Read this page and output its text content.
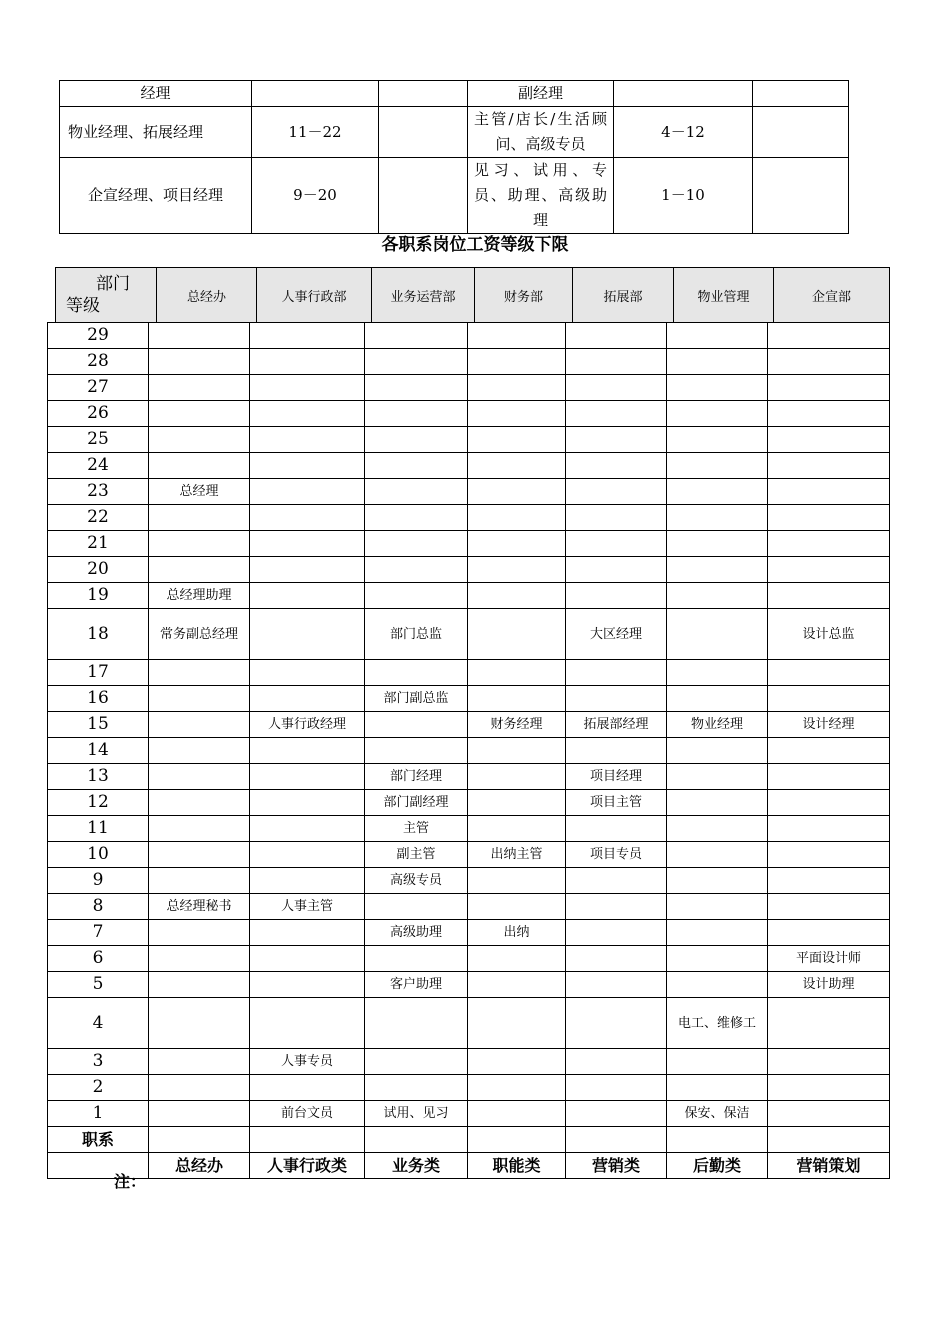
经理			副经理		
物业经理、拓展经理	11－22		主管/店长/生活顾问、高级专员	4－12	
企宣经理、项目经理	9－20		见习、试用、专员、助理、高级助理	1－10	
各职系岗位工资等级下限
部门
等级	总经办	人事行政部	业务运营部	财务部	拓展部	物业管理	企宣部
29							
28							
27							
26							
25							
24							
23	总经理						
22							
21							
20							
19	总经理助理						
18	常务副总经理		部门总监		大区经理		设计总监
17							
16			部门副总监				
15		人事行政经理		财务经理	拓展部经理	物业经理	设计经理
14							
13			部门经理		项目经理		
12			部门副经理		项目主管		
11			主管				
10			副主管	出纳主管	项目专员		
9			高级专员				
8	总经理秘书	人事主管					
7			高级助理	出纳			
6							平面设计师
5			客户助理				设计助理
4						电工、维修工	
3		人事专员					
2							
1		前台文员	试用、见习			保安、保洁	
职系							
	总经办	人事行政类	业务类	职能类	营销类	后勤类	营销策划
注：
